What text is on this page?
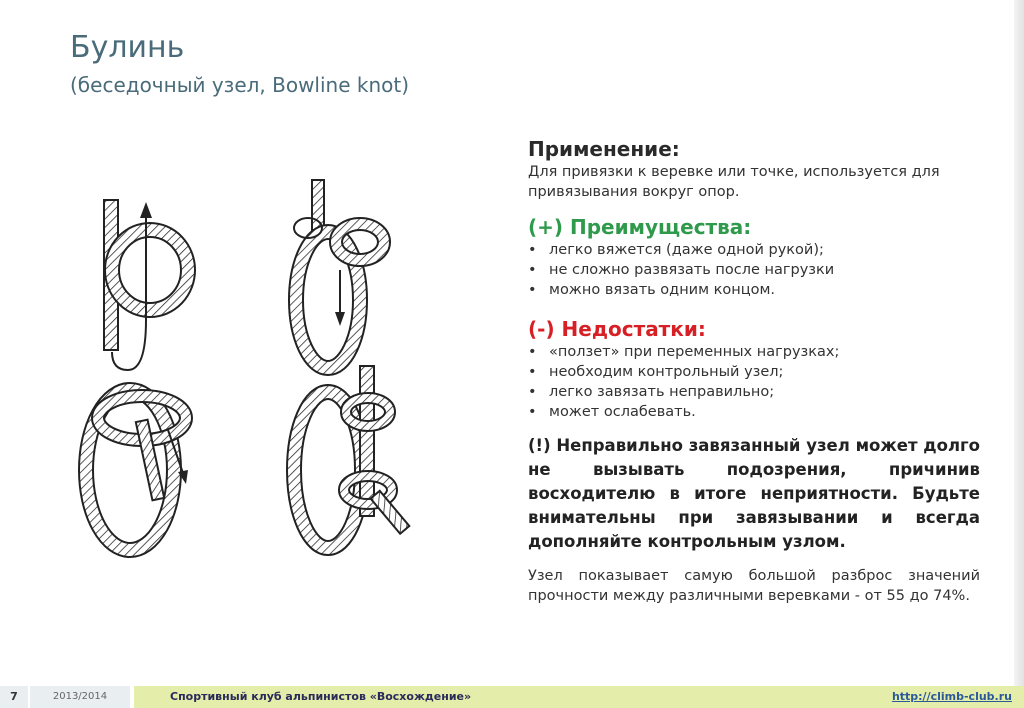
Булинь
(беседочный узел, Bowline knot)
Применение:

Для привязки к веревке или точке, используется для привязывания вокруг опор.

(+) Преимущества:
• легко вяжется (даже одной рукой);
• не сложно развязать после нагрузки
• можно вязать одним концом.
(-) Недостатки:
• «ползет» при переменных нагрузках;
• необходим контрольный узел;
• легко завязать неправильно;
• может ослабевать.

(!) Неправильно завязанный узел может долго не вызывать подозрения, причинив восходителю в итоге неприятности. Будьте внимательны при завязывании и всегда дополняйте контрольным узлом.

Узел показывает самую большой разброс значений прочности между различными веревками - от 55 до 74%.

7	2013/2014	Спортивный клуб альпинистов «Восхождение»	http://climb-club.ru
